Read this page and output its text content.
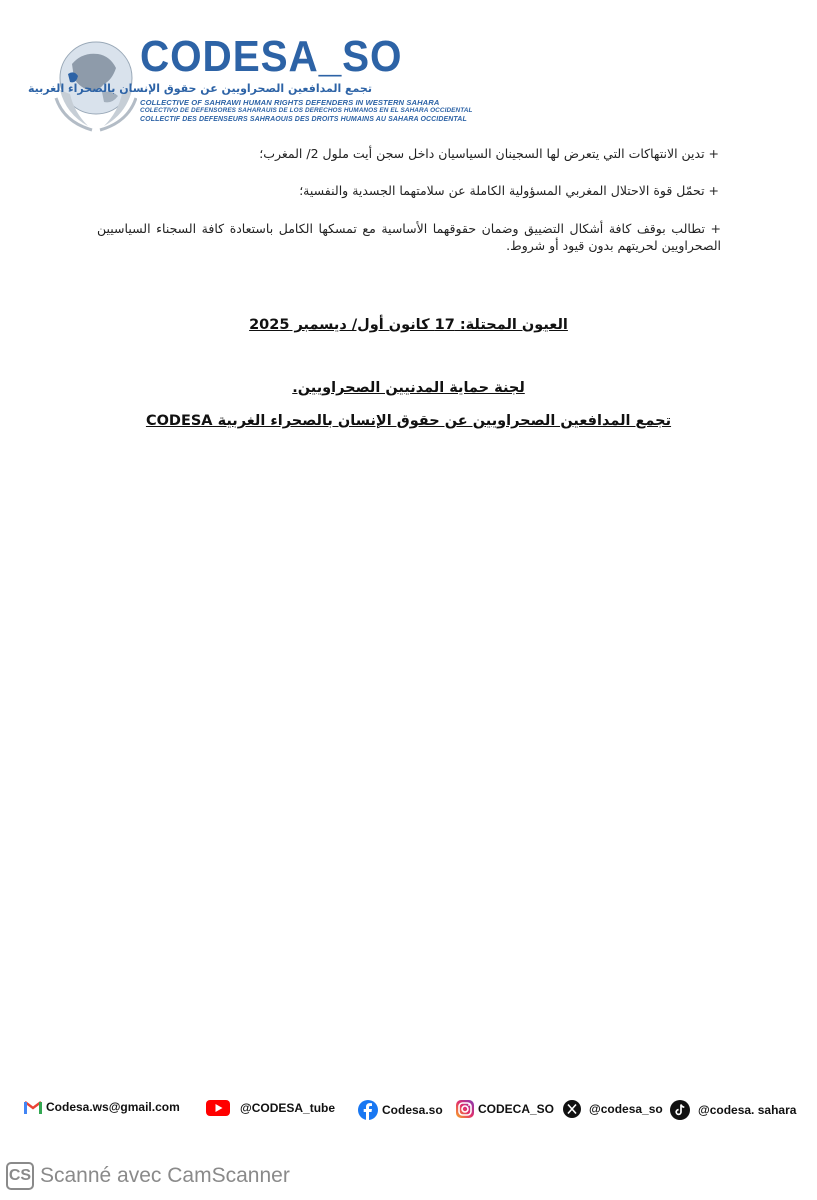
CODESA_SO
تجمع المدافعين الصحراويين عن حقوق الإنسان بالصحراء الغربية
COLLECTIVE OF SAHRAWI HUMAN RIGHTS DEFENDERS IN WESTERN SAHARA
COLECTIVO DE DEFENSORES SAHARAUIS DE LOS DERECHOS HUMANOS EN EL SAHARA OCCIDENTAL
COLLECTIF DES DEFENSEURS SAHRAOUIS DES DROITS HUMAINS AU SAHARA OCCIDENTAL
+ تدين الانتهاكات التي يتعرض لها السجينان السياسيان داخل سجن أيت ملول 2/ المغرب؛
+ تحمّل قوة الاحتلال المغربي المسؤولية الكاملة عن سلامتهما الجسدية والنفسية؛
+ تطالب بوقف كافة أشكال التضييق وضمان حقوقهما الأساسية مع تمسكها الكامل باستعادة كافة السجناء السياسيين الصحراويين لحريتهم بدون قيود أو شروط.
العيون المحتلة: 17 كانون أول/ ديسمبر 2025
لجنة حماية المدنيين الصحراويين.
تجمع المدافعين الصحراويين عن حقوق الإنسان بالصحراء الغربية CODESA
Codesa.ws@gmail.com	@CODESA_tube	Codesa.so	CODECA_SO	@codesa_so	@codesa. sahara
CS Scanné avec CamScanner
